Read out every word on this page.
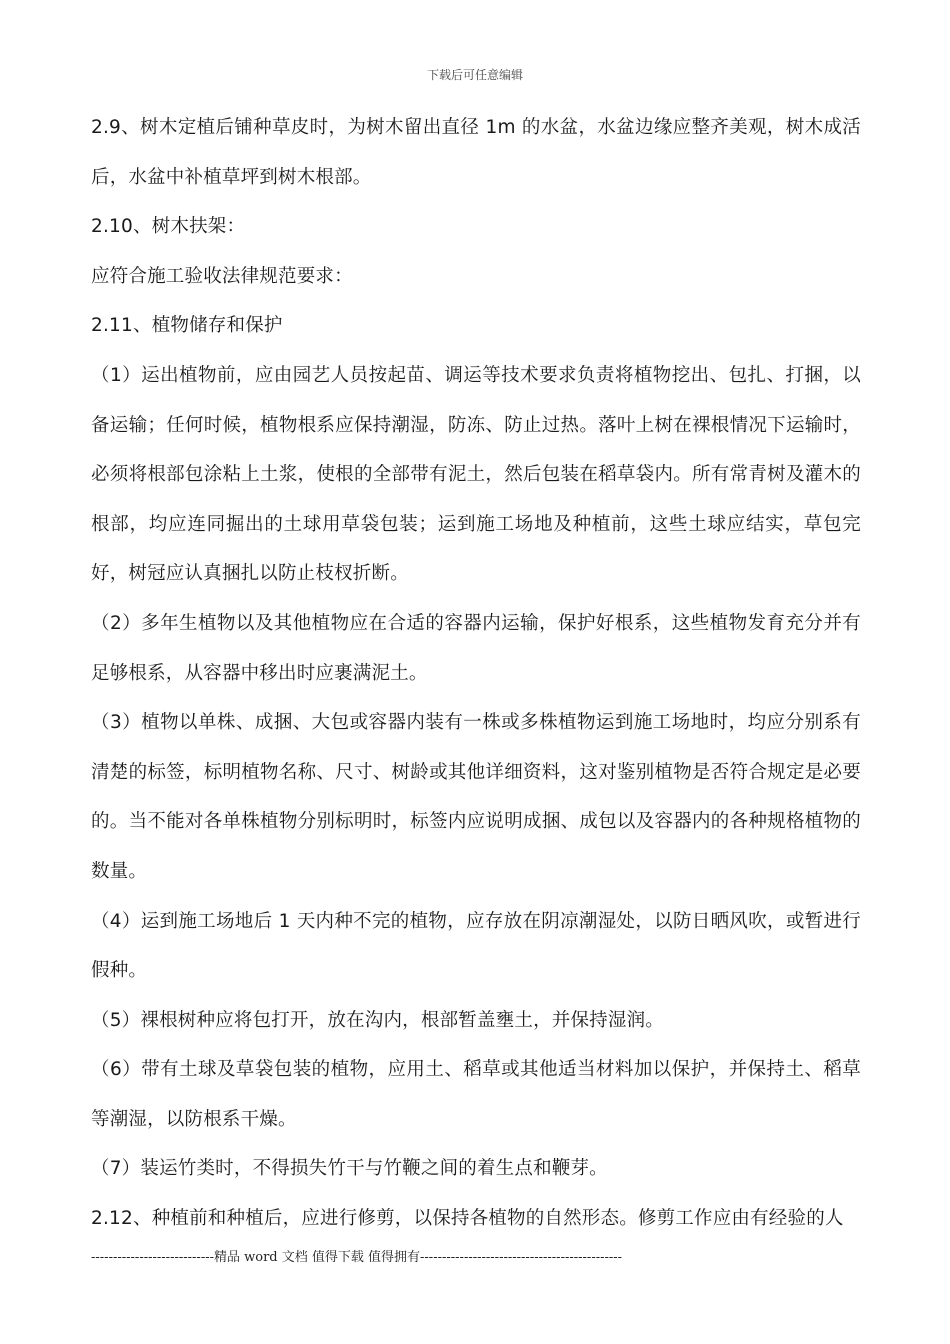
下载后可任意编辑

2.9、树木定植后铺种草皮时，为树木留出直径 1m 的水盆，水盆边缘应整齐美观，树木成活后，水盆中补植草坪到树木根部。

2.10、树木扶架：

应符合施工验收法律规范要求：

2.11、植物储存和保护

（1）运出植物前，应由园艺人员按起苗、调运等技术要求负责将植物挖出、包扎、打捆，以备运输；任何时候，植物根系应保持潮湿，防冻、防止过热。落叶上树在裸根情况下运输时，必须将根部包涂粘上土浆，使根的全部带有泥土，然后包装在稻草袋内。所有常青树及灌木的根部，均应连同掘出的土球用草袋包装；运到施工场地及种植前，这些土球应结实，草包完好，树冠应认真捆扎以防止枝杈折断。

（2）多年生植物以及其他植物应在合适的容器内运输，保护好根系，这些植物发育充分并有足够根系，从容器中移出时应裹满泥土。

（3）植物以单株、成捆、大包或容器内装有一株或多株植物运到施工场地时，均应分别系有清楚的标签，标明植物名称、尺寸、树龄或其他详细资料，这对鉴别植物是否符合规定是必要的。当不能对各单株植物分别标明时，标签内应说明成捆、成包以及容器内的各种规格植物的数量。

（4）运到施工场地后 1 天内种不完的植物，应存放在阴凉潮湿处，以防日晒风吹，或暂进行假种。

（5）裸根树种应将包打开，放在沟内，根部暂盖壅土，并保持湿润。

（6）带有土球及草袋包装的植物，应用土、稻草或其他适当材料加以保护，并保持土、稻草等潮湿，以防根系干燥。

（7）装运竹类时，不得损失竹干与竹鞭之间的着生点和鞭芽。

2.12、种植前和种植后，应进行修剪，以保持各植物的自然形态。修剪工作应由有经验的人

----------------------------精品 word 文档 值得下载 值得拥有----------------------------------------------
